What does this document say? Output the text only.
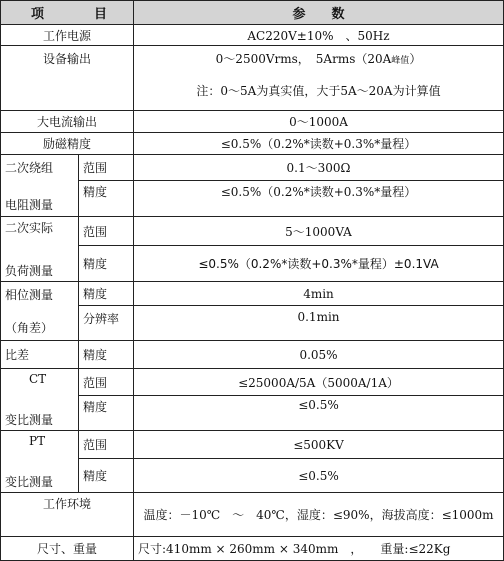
项 目		参　　数
工作电源		AC220V±10%　、50Hz
设备输出		0～2500Vrms，　5Arms（20A峰值）
注：0～5A为真实值，大于5A～20A为计算值

大电流输出		0～1000A
励磁精度		≤0.5%（0.2%*读数+0.3%*量程）

二次绕组
电阻测量	范围	0.1～300Ω
	精度	≤0.5%（0.2%*读数+0.3%*量程）

二次实际
负荷测量	范围	5～1000VA
	精度	≤0.5%（0.2%*读数+0.3%*量程）±0.1VA

相位测量
（角差）	精度	4min
	分辨率	0.1min
比差	精度	0.05%

CT
变比测量	范围	≤25000A/5A（5000A/1A）
	精度	≤0.5%

PT
变比测量	范围	≤500KV
	精度	≤0.5%
工作环境		温度：－10℃　～　40℃，湿度：≤90%，海拔高度：≤1000m
尺寸、重量		尺寸:410mm × 260mm × 340mm　，　　重量:≤22Kg
